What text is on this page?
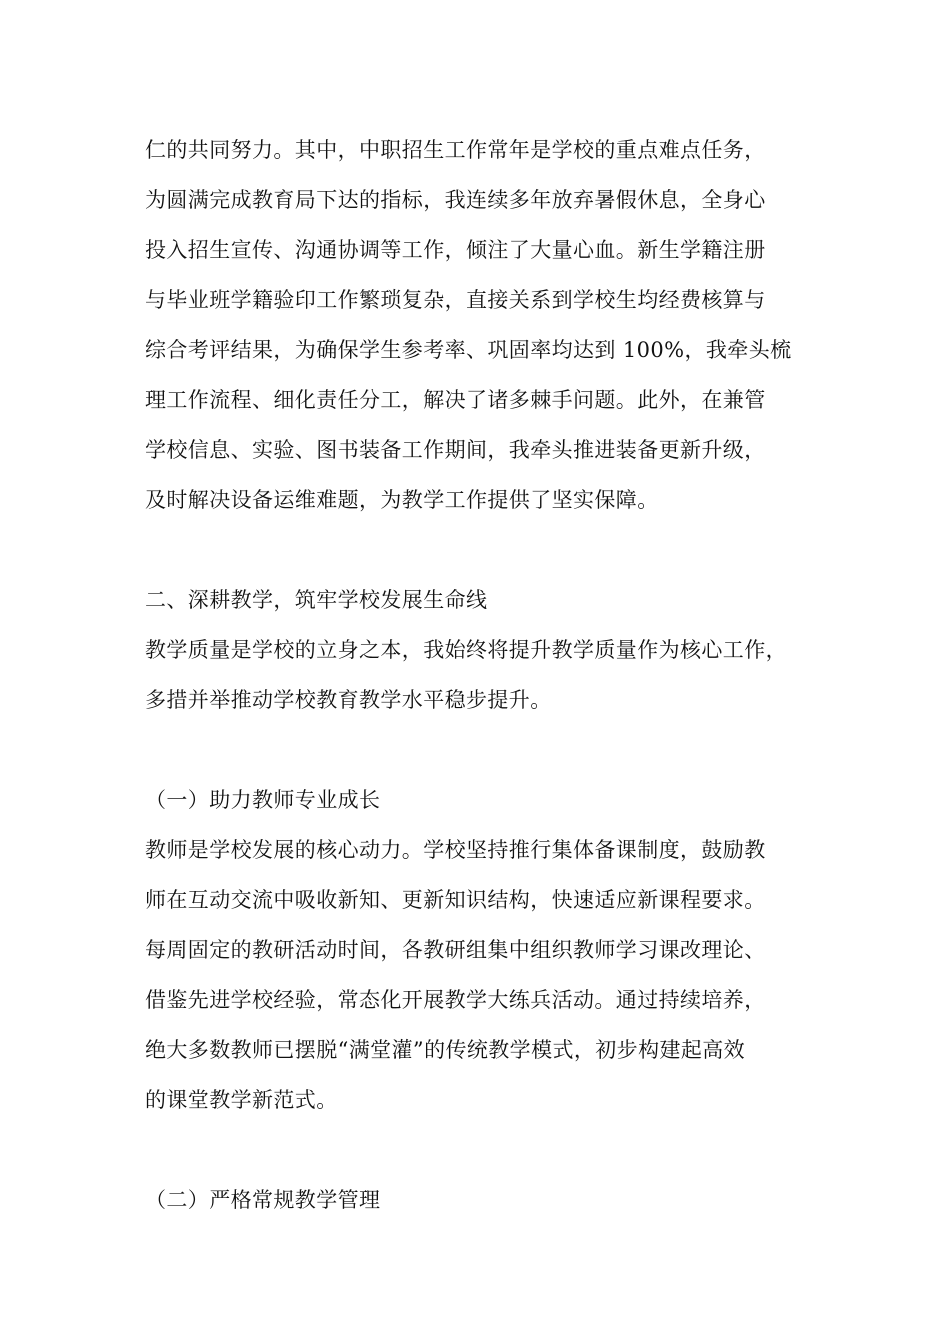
仁的共同努力。其中，中职招生工作常年是学校的重点难点任务，
为圆满完成教育局下达的指标，我连续多年放弃暑假休息，全身心
投入招生宣传、沟通协调等工作，倾注了大量心血。新生学籍注册
与毕业班学籍验印工作繁琐复杂，直接关系到学校生均经费核算与
综合考评结果，为确保学生参考率、巩固率均达到 100%，我牵头梳
理工作流程、细化责任分工，解决了诸多棘手问题。此外，在兼管
学校信息、实验、图书装备工作期间，我牵头推进装备更新升级，
及时解决设备运维难题，为教学工作提供了坚实保障。
二、深耕教学，筑牢学校发展生命线
教学质量是学校的立身之本，我始终将提升教学质量作为核心工作，
多措并举推动学校教育教学水平稳步提升。
（一）助力教师专业成长
教师是学校发展的核心动力。学校坚持推行集体备课制度，鼓励教
师在互动交流中吸收新知、更新知识结构，快速适应新课程要求。
每周固定的教研活动时间，各教研组集中组织教师学习课改理论、
借鉴先进学校经验，常态化开展教学大练兵活动。通过持续培养，
绝大多数教师已摆脱“满堂灌”的传统教学模式，初步构建起高效
的课堂教学新范式。
（二）严格常规教学管理
